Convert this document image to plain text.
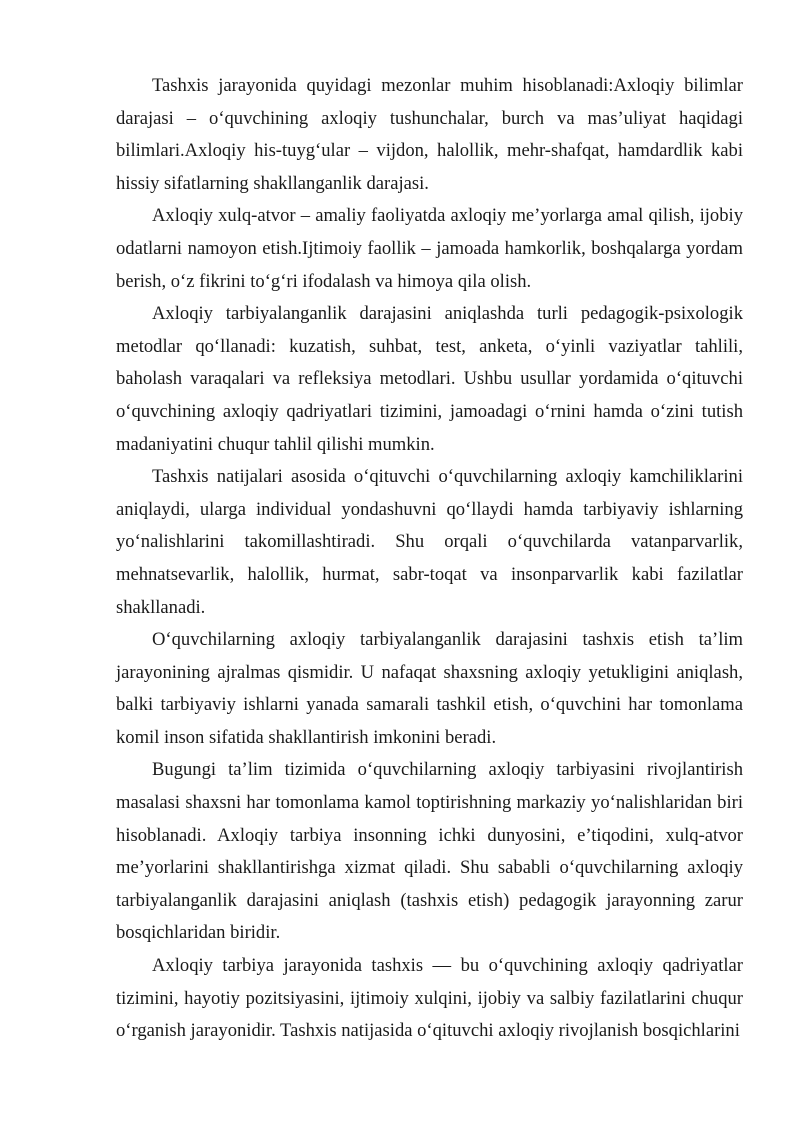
Tashxis jarayonida quyidagi mezonlar muhim hisoblanadi:Axloqiy bilimlar darajasi – o‘quvchining axloqiy tushunchalar, burch va mas’uliyat haqidagi bilimlari.Axloqiy his-tuyg‘ular – vijdon, halollik, mehr-shafqat, hamdardlik kabi hissiy sifatlarning shakllanganlik darajasi.

Axloqiy xulq-atvor – amaliy faoliyatda axloqiy me’yorlarga amal qilish, ijobiy odatlarni namoyon etish.Ijtimoiy faollik – jamoada hamkorlik, boshqalarga yordam berish, o‘z fikrini to‘g‘ri ifodalash va himoya qila olish.

Axloqiy tarbiyalanganlik darajasini aniqlashda turli pedagogik-psixologik metodlar qo‘llanadi: kuzatish, suhbat, test, anketa, o‘yinli vaziyatlar tahlili, baholash varaqalari va refleksiya metodlari. Ushbu usullar yordamida o‘qituvchi o‘quvchining axloqiy qadriyatlari tizimini, jamoadagi o‘rnini hamda o‘zini tutish madaniyatini chuqur tahlil qilishi mumkin.

Tashxis natijalari asosida o‘qituvchi o‘quvchilarning axloqiy kamchiliklarini aniqlaydi, ularga individual yondashuvni qo‘llaydi hamda tarbiyaviy ishlarning yo‘nalishlarini takomillashtiradi. Shu orqali o‘quvchilarda vatanparvarlik, mehnatsevarlik, halollik, hurmat, sabr-toqat va insonparvarlik kabi fazilatlar shakllanadi.

O‘quvchilarning axloqiy tarbiyalanganlik darajasini tashxis etish ta’lim jarayonining ajralmas qismidir. U nafaqat shaxsning axloqiy yetukligini aniqlash, balki tarbiyaviy ishlarni yanada samarali tashkil etish, o‘quvchini har tomonlama komil inson sifatida shakllantirish imkonini beradi.

Bugungi ta’lim tizimida o‘quvchilarning axloqiy tarbiyasini rivojlantirish masalasi shaxsni har tomonlama kamol toptirishning markaziy yo‘nalishlaridan biri hisoblanadi. Axloqiy tarbiya insonning ichki dunyosini, e’tiqodini, xulq-atvor me’yorlarini shakllantirishga xizmat qiladi. Shu sababli o‘quvchilarning axloqiy tarbiyalanganlik darajasini aniqlash (tashxis etish) pedagogik jarayonning zarur bosqichlaridan biridir.

Axloqiy tarbiya jarayonida tashxis — bu o‘quvchining axloqiy qadriyatlar tizimini, hayotiy pozitsiyasini, ijtimoiy xulqini, ijobiy va salbiy fazilatlarini chuqur o‘rganish jarayonidir. Tashxis natijasida o‘qituvchi axloqiy rivojlanish bosqichlarini
